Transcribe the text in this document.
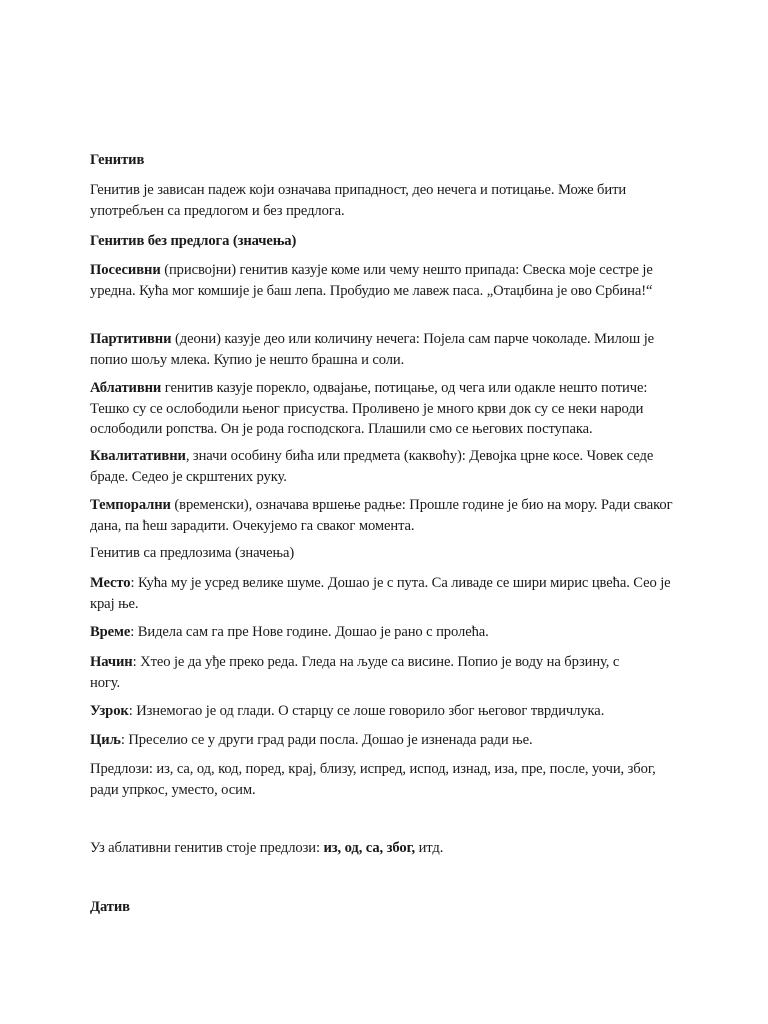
Генитив

Генитив је зависан падеж који означава припадност, део нечега и потицање. Може бити употребљен са предлогом и без предлога.

Генитив без предлога (значења)

Посесивни (присвојни) генитив казује коме или чему нешто припада: Свеска моје сестре је уредна. Кућа мог комшије је баш лепа. Пробудио ме лавеж паса. „Отаџбина је ово Србина!“

Партитивни (деони) казује део или количину нечега: Појела сам парче чоколаде. Милош је попио шољу млека. Купио је нешто брашна и соли.

Аблативни генитив казује порекло, одвајање, потицање, од чега или одакле нешто потиче: Тешко су се ослободили њеног присуства. Проливено је много крви док су се неки народи ослободили ропства. Он је рода господскога. Плашили смо се његових поступака.

Квалитативни, значи особину бића или предмета (каквоћу): Девојка црне косе. Човек седе браде. Седео је скрштених руку.

Темпорални (временски), означава вршење радње: Прошле године је био на мору. Ради сваког дана, па ћеш зарадити. Очекујемо га сваког момента.

Генитив са предлозима (значења)

Место: Кућа му је усред велике шуме. Дошао је с пута. Са ливаде се шири мирис цвећа. Сео је крај ње.

Време: Видела сам га пре Нове године. Дошао је рано с пролећа.

Начин: Хтео је да уђе преко реда. Гледа на људе са висине. Попио је воду на брзину, с ногу.

Узрок: Изнемогао је од глади. О старцу се лоше говорило због његовог тврдичлука.

Циљ: Преселио се у други град ради посла. Дошао је изненада ради ње.

Предлози: из, са, од, код, поред, крај, близу, испред, испод, изнад, иза, пре, после, уочи, због, ради упркос, уместо, осим.

Уз аблативни генитив стоје предлози: из, од, са, због, итд.

Датив
